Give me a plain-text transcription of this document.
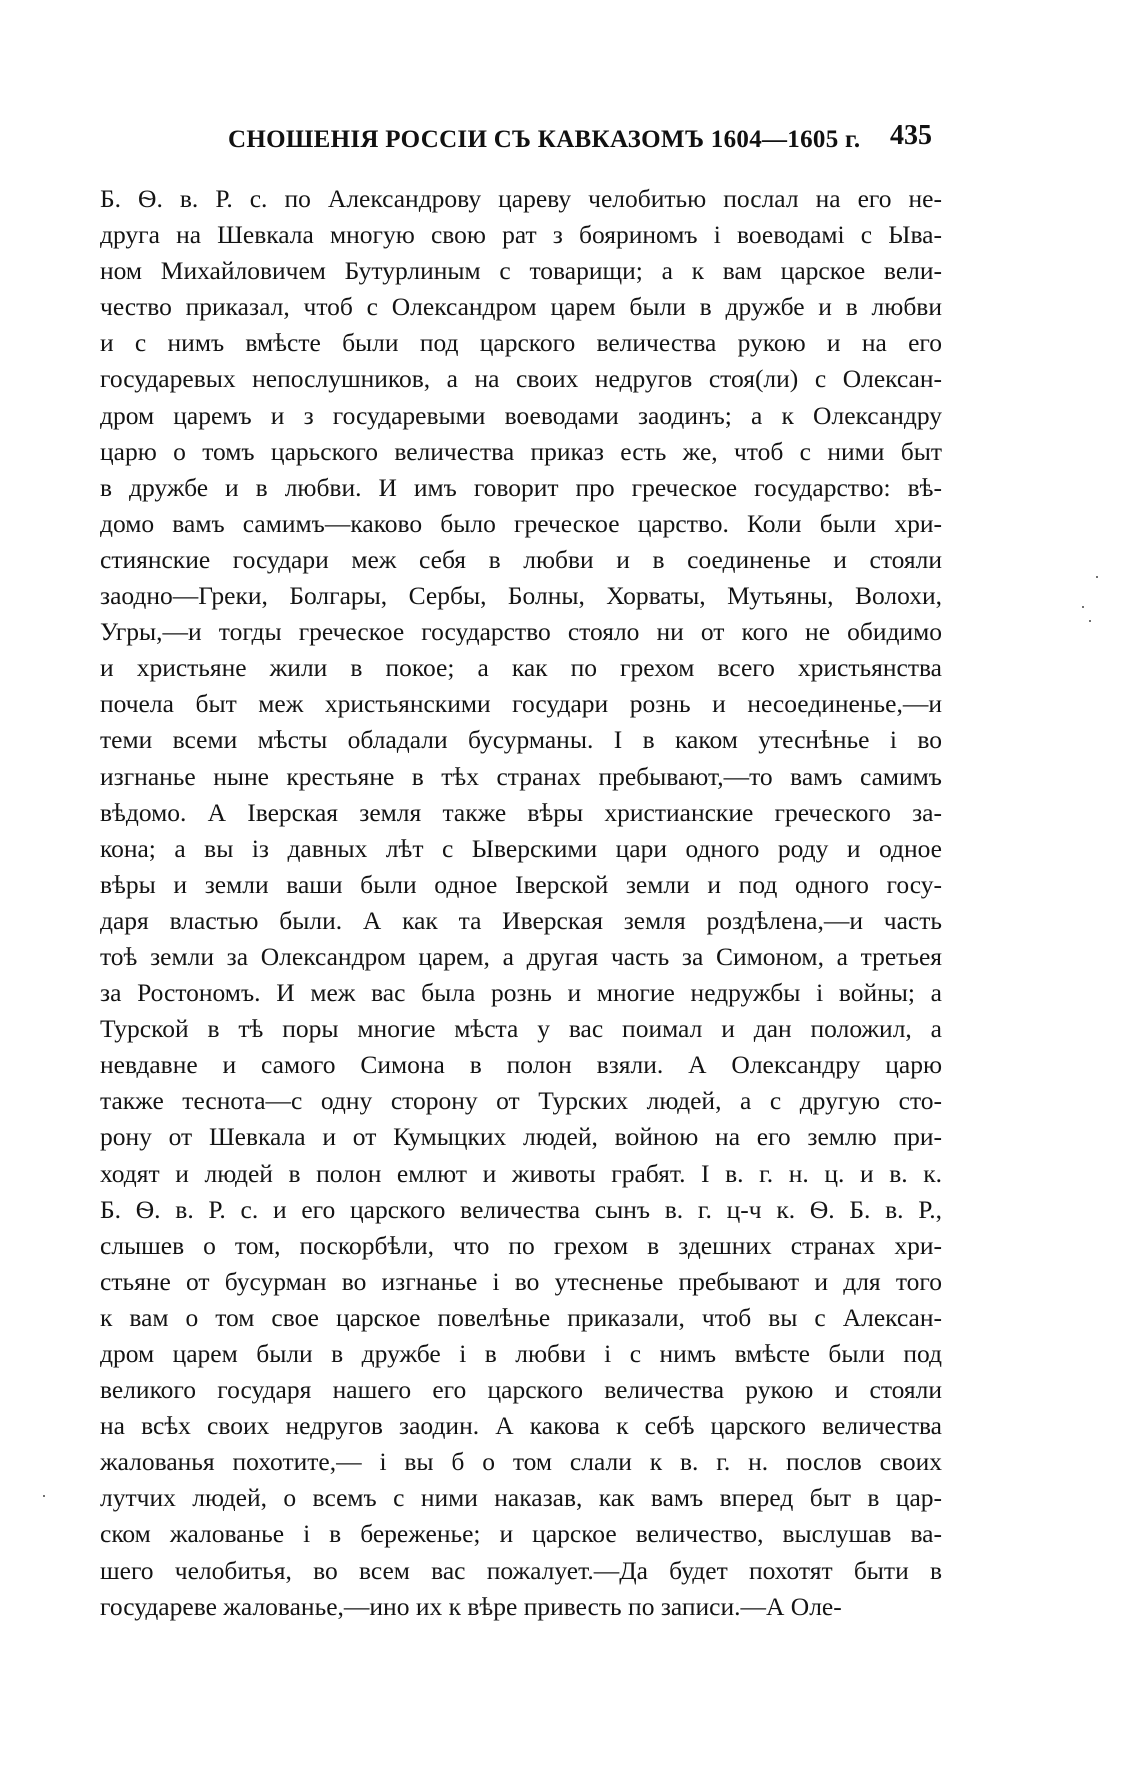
СНОШЕНІЯ РОССІИ СЪ КАВКАЗОМЪ 1604—1605 г. 435
Б. Ѳ. в. Р. с. по Александрову цареву челобитью послал на его не-
друга на Шевкала многую свою рат з бояриномъ і воеводамі с Ыва-
ном Михайловичем Бутурлиным с товарищи; а к вам царское вели-
чество приказал, чтоб с Олександром царем были в дружбе и в любви
и с нимъ вмѣсте были под царского величества рукою и на его
государевых непослушников, а на своих недругов стоя(ли) с Олексан-
дром царемъ и з государевыми воеводами заодинъ; а к Олександру
царю о томъ царьского величества приказ есть же, чтоб с ними быт
в дружбе и в любви. И имъ говорит про греческое государство: вѣ-
домо вамъ самимъ—каково было греческое царство. Коли были хри-
стиянские государи меж себя в любви и в соединенье и стояли
заодно—Греки, Болгары, Сербы, Болны, Хорваты, Мутьяны, Волохи,
Угры,—и тогды греческое государство стояло ни от кого не обидимо
и христьяне жили в покое; а как по грехом всего христьянства
почела быт меж христьянскими государи рознь и несоединенье,—и
теми всеми мѣсты обладали бусурманы. І в каком утеснѣнье і во
изгнанье ныне крестьяне в тѣх странах пребывают,—то вамъ самимъ
вѣдомо. А Іверская земля также вѣры христианские греческого за-
кона; а вы із давных лѣт с Ыверскими цари одного роду и одное
вѣры и земли ваши были одное Іверской земли и под одного госу-
даря властью были. А как та Иверская земля роздѣлена,—и часть
тоѣ земли за Олександром царем, а другая часть за Симоном, а третьея
за Ростономъ. И меж вас была рознь и многие недружбы і войны; а
Турской в тѣ поры многие мѣста у вас поимал и дан положил, а
невдавне и самого Симона в полон взяли. А Олександру царю
также теснота—с одну сторону от Турских людей, а с другую сто-
рону от Шевкала и от Кумыцких людей, войною на его землю при-
ходят и людей в полон емлют и животы грабят. І в. г. н. ц. и в. к.
Б. Ѳ. в. Р. с. и его царского величества сынъ в. г. ц-ч к. Ѳ. Б. в. Р.,
слышев о том, поскорбѣли, что по грехом в здешних странах хри-
стьяне от бусурман во изгнанье і во утесненье пребывают и для того
к вам о том свое царское повелѣнье приказали, чтоб вы с Алексан-
дром царем были в дружбе і в любви і с нимъ вмѣсте были под
великого государя нашего его царского величества рукою и стояли
на всѣх своих недругов заодин. А какова к себѣ царского величества
жалованья похотите,— і вы б о том слали к в. г. н. послов своих
лутчих людей, о всемъ с ними наказав, как вамъ вперед быт в цар-
ском жалованье і в береженье; и царское величество, выслушав ва-
шего челобитья, во всем вас пожалует.—Да будет похотят быти в
государеве жалованье,—ино их к вѣре привесть по записи.—А Оле-
